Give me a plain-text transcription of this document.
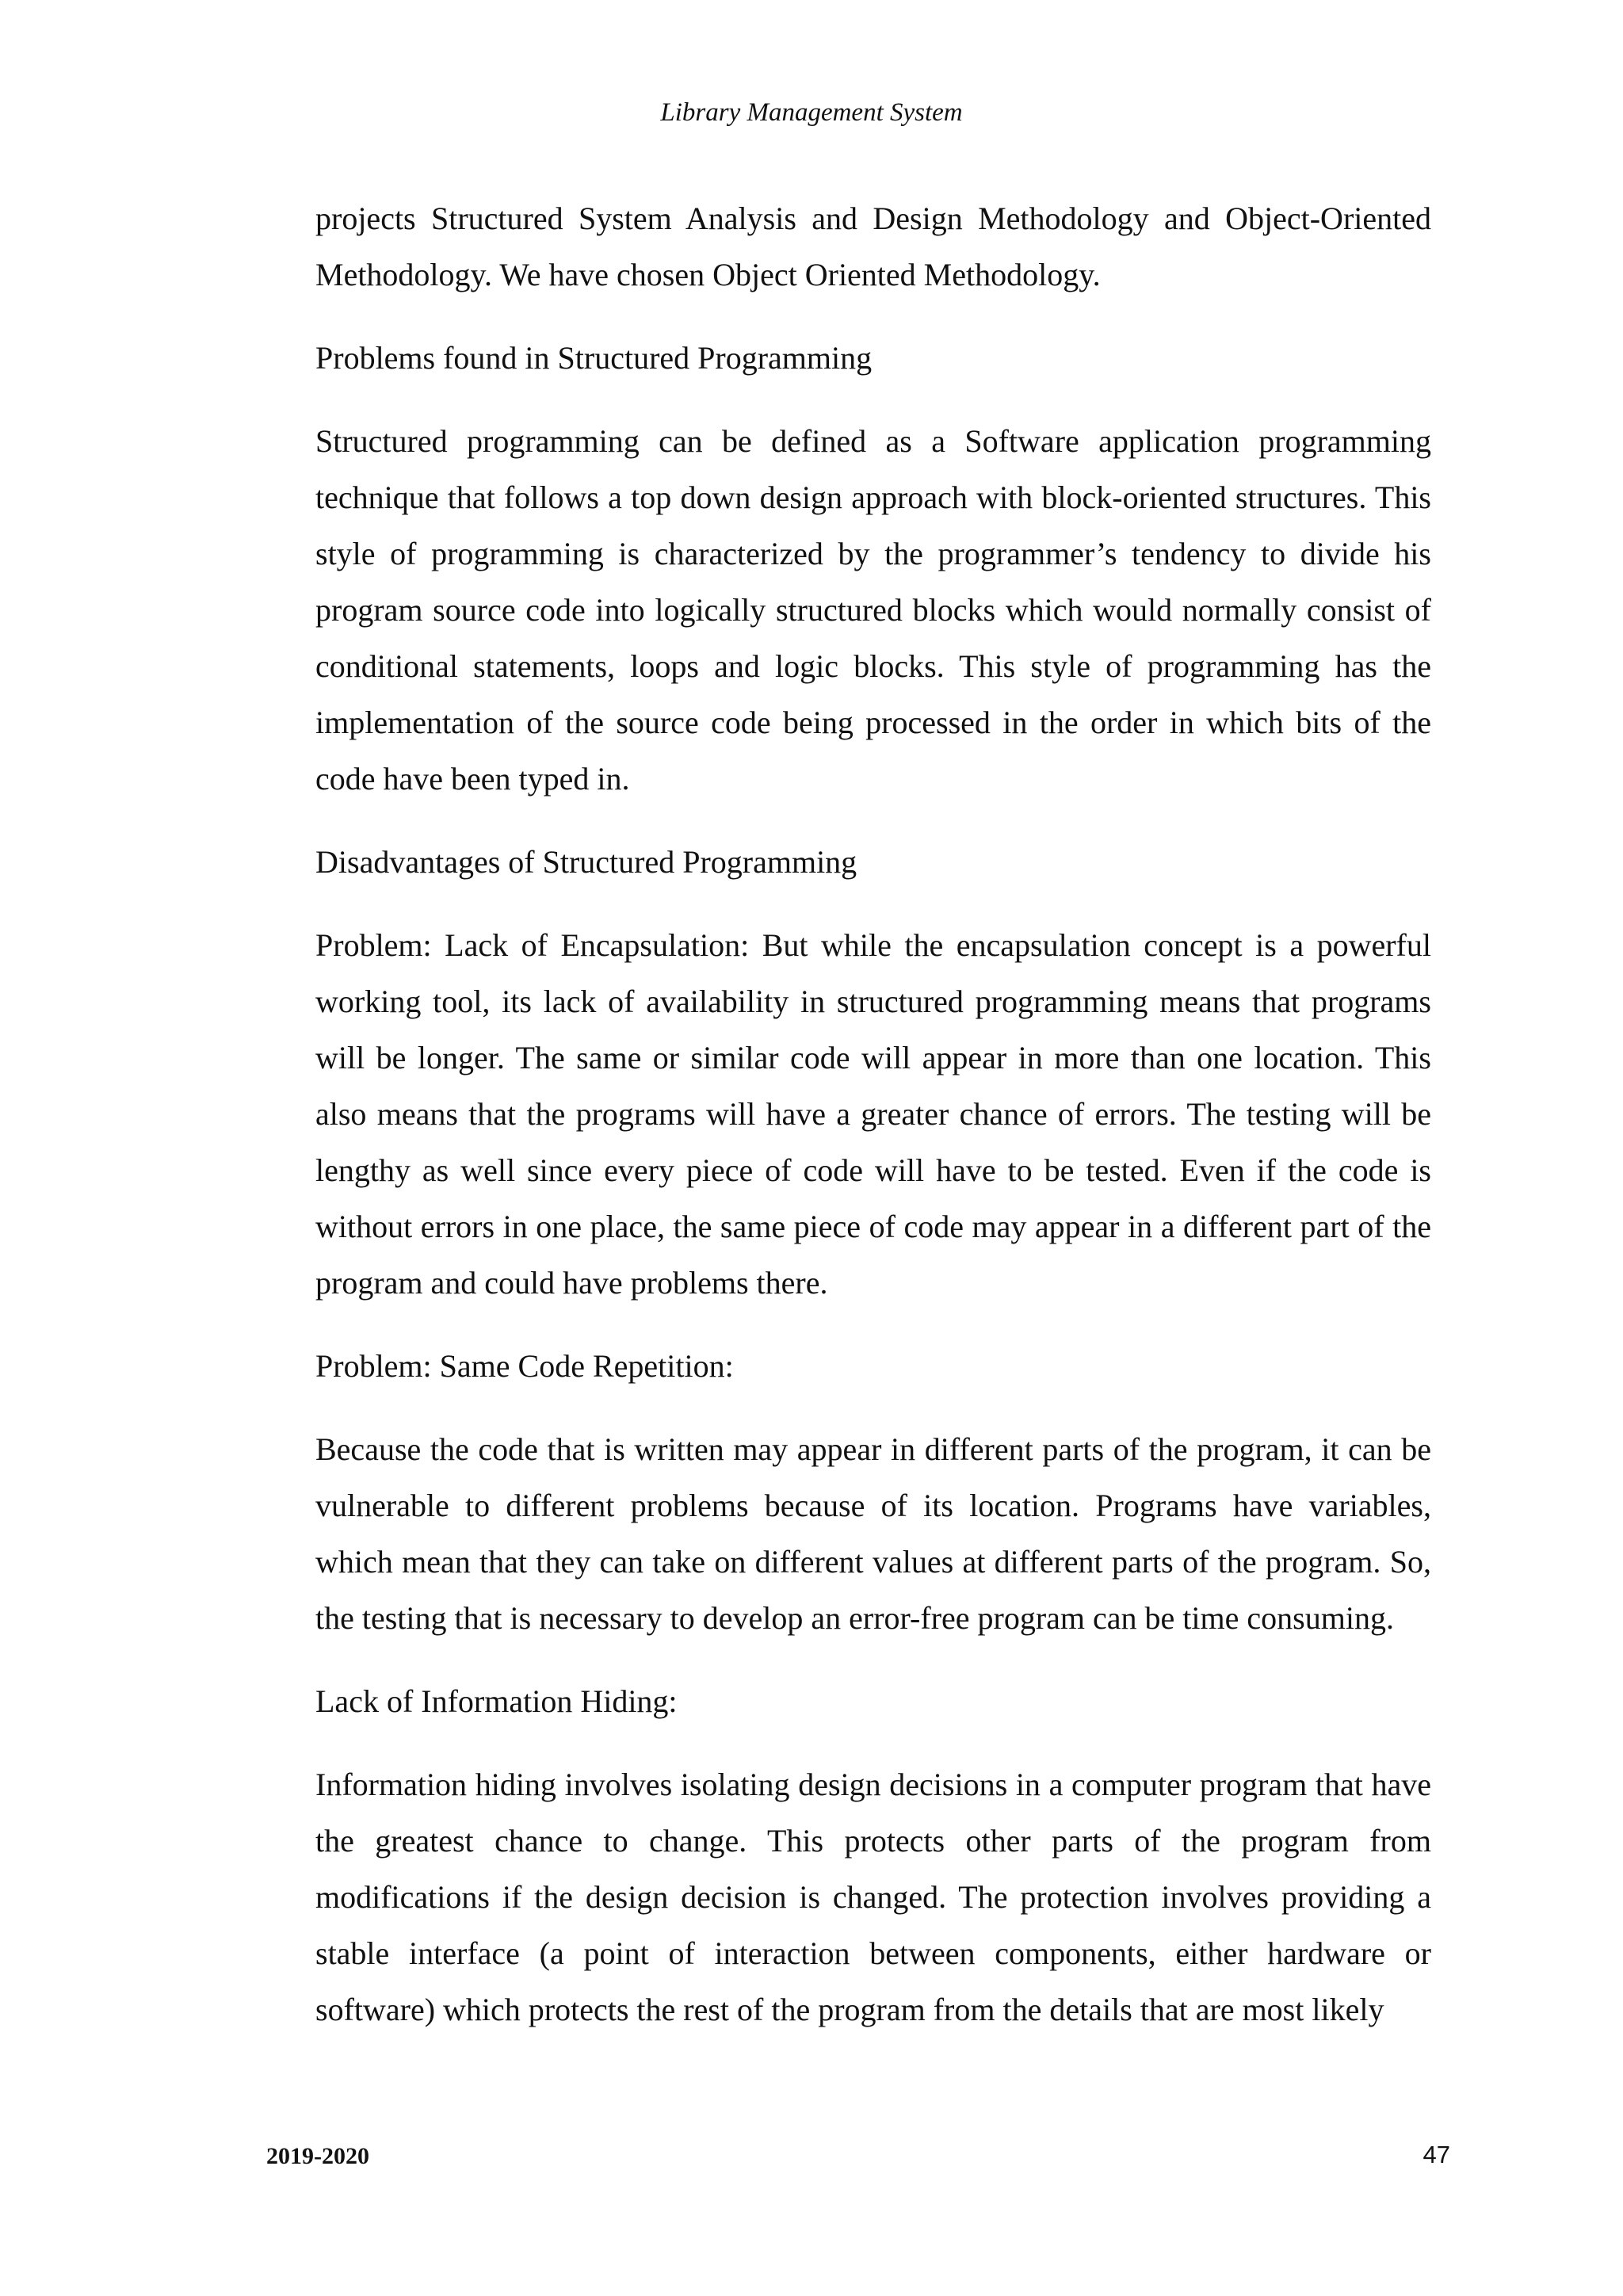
Library Management System

projects Structured System Analysis and Design Methodology and Object-Oriented Methodology. We have chosen Object Oriented Methodology.

Problems found in Structured Programming

Structured programming can be defined as a Software application programming technique that follows a top down design approach with block-oriented structures. This style of programming is characterized by the programmer’s tendency to divide his program source code into logically structured blocks which would normally consist of conditional statements, loops and logic blocks. This style of programming has the implementation of the source code being processed in the order in which bits of the code have been typed in.

Disadvantages of Structured Programming

Problem: Lack of Encapsulation: But while the encapsulation concept is a powerful working tool, its lack of availability in structured programming means that programs will be longer. The same or similar code will appear in more than one location. This also means that the programs will have a greater chance of errors. The testing will be lengthy as well since every piece of code will have to be tested. Even if the code is without errors in one place, the same piece of code may appear in a different part of the program and could have problems there.

Problem: Same Code Repetition:

Because the code that is written may appear in different parts of the program, it can be vulnerable to different problems because of its location. Programs have variables, which mean that they can take on different values at different parts of the program. So, the testing that is necessary to develop an error-free program can be time consuming.

Lack of Information Hiding:

Information hiding involves isolating design decisions in a computer program that have the greatest chance to change. This protects other parts of the program from modifications if the design decision is changed. The protection involves providing a stable interface (a point of interaction between components, either hardware or software) which protects the rest of the program from the details that are most likely

2019-2020	47
